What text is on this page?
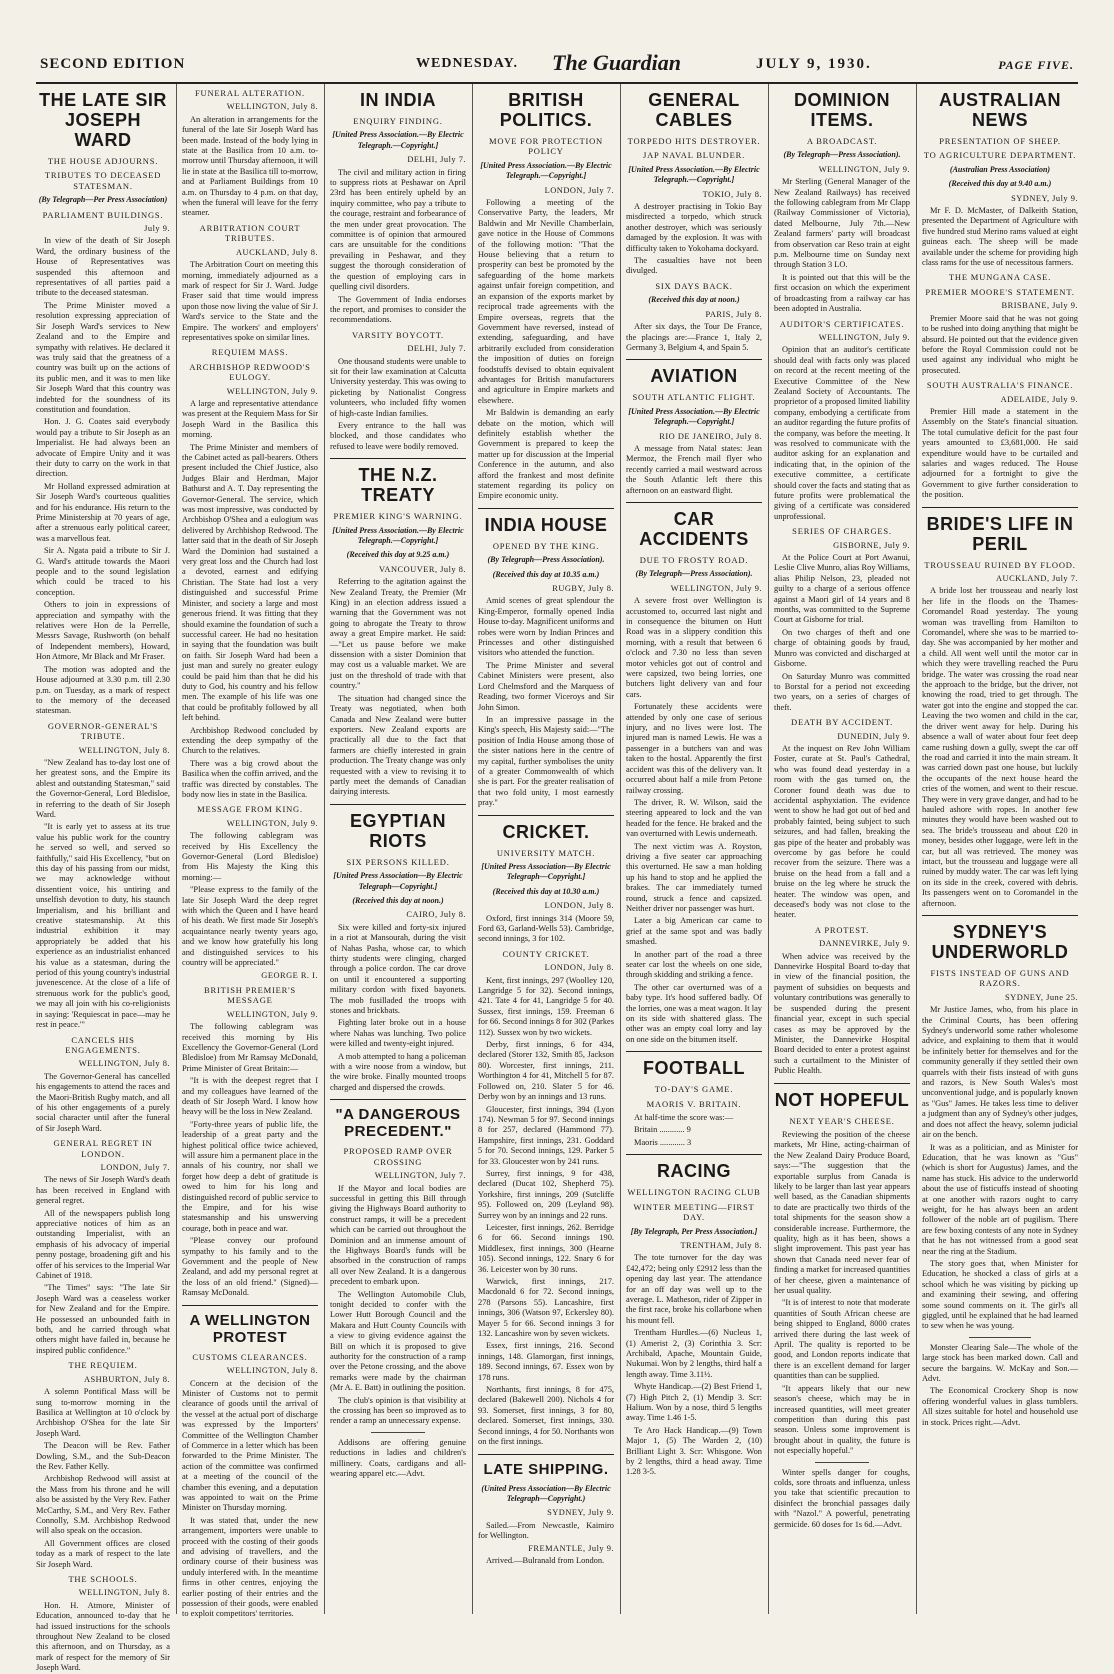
SECOND EDITION	WEDNESDAY. The Guardian	JULY 9, 1930.	PAGE FIVE.
THE LATE SIR JOSEPH WARD
THE HOUSE ADJOURNS.
TRIBUTES TO DECEASED STATESMAN.
(By Telegraph—Per Press Association)
PARLIAMENT BUILDINGS.
July 9.

In view of the death of Sir Joseph Ward, the ordinary business of the House of Representatives was suspended this afternoon and representatives of all parties paid a tribute to the deceased statesman.

The Prime Minister moved a resolution expressing appreciation of Sir Joseph Ward's services to New Zealand and to the Empire and sympathy with relatives. He declared it was truly said that the greatness of a country was built up on the actions of its public men, and it was to men like Sir Joseph Ward that this country was indebted for the soundness of its constitution and foundation.

Hon. J. G. Coates said everybody would pay a tribute to Sir Joseph as an Imperialist. He had always been an advocate of Empire Unity and it was their duty to carry on the work in that direction.

Mr Holland expressed admiration at Sir Joseph Ward's courteous qualities and for his endurance. His return to the Prime Ministership at 70 years of age, after a strenuous early political career, was a marvellous feat.

Sir A. Ngata paid a tribute to Sir J. G. Ward's attitude towards the Maori people and to the sound legislation which could be traced to his conception.

Others to join in expressions of appreciation and sympathy with the relatives were Hon de la Perrelle, Messrs Savage, Rushworth (on behalf of Independent members), Howard, Hon Atmore, Mr Black and Mr Fraser.

The motion was adopted and the House adjourned at 3.30 p.m. till 2.30 p.m. on Tuesday, as a mark of respect to the memory of the deceased statesman.

GOVERNOR-GENERAL'S TRIBUTE.
WELLINGTON, July 8.

"New Zealand has to-day lost one of her greatest sons, and the Empire its ablest and outstanding Statesman," said the Governor-General, Lord Bledisloe, in referring to the death of Sir Joseph Ward.

"It is early yet to assess at its true value his public work for the country he served so well, and served so faithfully," said His Excellency, "but on this day of his passing from our midst, we may acknowledge without dissentient voice, his untiring and unselfish devotion to duty, his staunch Imperialism, and his brilliant and creative statesmanship. At this industrial exhibition it may appropriately be added that his experience as an industrialist enhanced his value as a statesman, during the period of this young country's industrial juvenescence. At the close of a life of strenuous work for the public's good, we may all join with his co-religionists in saying: 'Requiescat in pace—may he rest in peace.'"

CANCELS HIS ENGAGEMENTS.
WELLINGTON, July 8.

The Governor-General has cancelled his engagements to attend the races and the Maori-British Rugby match, and all of his other engagements of a purely social character until after the funeral of Sir Joseph Ward.

GENERAL REGRET IN LONDON.
LONDON, July 7.

The news of Sir Joseph Ward's death has been received in England with general regret.

All of the newspapers publish long appreciative notices of him as an outstanding Imperialist, with an emphasis of his advocacy of imperial penny postage, broadening gift and his offer of his services to the Imperial War Cabinet of 1918.

"The Times" says: "The late Sir Joseph Ward was a ceaseless worker for New Zealand and for the Empire. He possessed an unbounded faith in both, and he carried through what others might have failed in, because he inspired public confidence."

THE REQUIEM.
ASHBURTON, July 8.

A solemn Pontifical Mass will be sung to-morrow morning in the Basilica at Wellington at 10 o'clock by Archbishop O'Shea for the late Sir Joseph Ward.

The Deacon will be Rev. Father Dowling, S.M., and the Sub-Deacon the Rev. Father Kelly.

Archbishop Redwood will assist at the Mass from his throne and he will also be assisted by the Very Rev. Father McCarthy, S.M., and Very Rev. Father Connolly, S.M. Archbishop Redwood will also speak on the occasion.

All Government offices are closed today as a mark of respect to the late Sir Joseph Ward.

THE SCHOOLS.
WELLINGTON, July 8.

Hon. H. Atmore, Minister of Education, announced to-day that he had issued instructions for the schools throughout New Zealand to be closed this afternoon, and on Thursday, as a mark of respect for the memory of Sir Joseph Ward.

FUNERAL ALTERATION.
WELLINGTON, July 8.

An alteration in arrangements for the funeral of the late Sir Joseph Ward has been made. Instead of the body lying in state at the Basilica from 10 a.m. to-morrow until Thursday afternoon, it will lie in state at the Basilica till to-morrow, and at Parliament Buildings from 10 a.m. on Thursday to 4 p.m. on that day, when the funeral will leave for the ferry steamer.

ARBITRATION COURT TRIBUTES.
AUCKLAND, July 8.

The Arbitration Court on meeting this morning, immediately adjourned as a mark of respect for Sir J. Ward. Judge Fraser said that time would impress upon those now living the value of Sir J. Ward's service to the State and the Empire. The workers' and employers' representatives spoke on similar lines.

REQUIEM MASS.
ARCHBISHOP REDWOOD'S EULOGY.
WELLINGTON, July 9.

A large and representative attendance was present at the Requiem Mass for Sir Joseph Ward in the Basilica this morning.

The Prime Minister and members of the Cabinet acted as pall-bearers. Others present included the Chief Justice, also Judges Blair and Herdman, Major Bathurst and A. T. Day representing the Governor-General. The service, which was most impressive, was conducted by Archbishop O'Shea and a eulogium was delivered by Archbishop Redwood. The latter said that in the death of Sir Joseph Ward the Dominion had sustained a very great loss and the Church had lost a devoted, earnest and edifying Christian. The State had lost a very distinguished and successful Prime Minister, and society a large and most generous friend. It was fitting that they should examine the foundation of such a successful career. He had no hesitation in saying that the foundation was built on faith. Sir Joseph Ward had been a just man and surely no greater eulogy could be paid him than that he did his duty to God, his country and his fellow men. The example of his life was one that could be profitably followed by all left behind.

Archbishop Redwood concluded by extending the deep sympathy of the Church to the relatives.

There was a big crowd about the Basilica when the coffin arrived, and the traffic was directed by constables. The body now lies in state in the Basilica.

MESSAGE FROM KING.
WELLINGTON, July 9.

The following cablegram was received by His Excellency the Governor-General (Lord Bledisloe) from His Majesty the King this morning:—

"Please express to the family of the late Sir Joseph Ward the deep regret with which the Queen and I have heard of his death. We first made Sir Joseph's acquaintance nearly twenty years ago, and we know how gratefully his long and distinguished services to his country will be appreciated."

GEORGE R. I.
BRITISH PREMIER'S MESSAGE
WELLINGTON, July 9.

The following cablegram was received this morning by His Excellency the Governor-General (Lord Bledisloe) from Mr Ramsay McDonald, Prime Minister of Great Britain:—

"It is with the deepest regret that I and my colleagues have learned of the death of Sir Joseph Ward. I know how heavy will be the loss in New Zealand.

"Forty-three years of public life, the leadership of a great party and the highest political office twice achieved, will assure him a permanent place in the annals of his country, nor shall we forget how deep a debt of gratitude is owed to him for his long and distinguished record of public service to the Empire, and for his wise statesmanship and his unswerving courage, both in peace and war.

"Please convey our profound sympathy to his family and to the Government and the people of New Zealand, and add my personal regret at the loss of an old friend." (Signed)—Ramsay McDonald.

A WELLINGTON PROTEST
CUSTOMS CLEARANCES.
WELLINGTON, July 8.

Concern at the decision of the Minister of Customs not to permit clearance of goods until the arrival of the vessel at the actual port of discharge was expressed by the Importers' Committee of the Wellington Chamber of Commerce in a letter which has been forwarded to the Prime Minister. The action of the committee was confirmed at a meeting of the council of the chamber this evening, and a deputation was appointed to wait on the Prime Minister on Thursday morning.

It was stated that, under the new arrangement, importers were unable to proceed with the costing of their goods and advising of travellers, and the ordinary course of their business was unduly interfered with. In the meantime firms in other centres, enjoying the earlier posting of their entries and the possession of their goods, were enabled to exploit competitors' territories.

IN INDIA
ENQUIRY FINDING.
[United Press Association.—By Electric Telegraph.—Copyright.]
DELHI, July 7.

The civil and military action in firing to suppress riots at Peshawar on April 23rd has been entirely upheld by an inquiry committee, who pay a tribute to the courage, restraint and forbearance of the men under great provocation. The committee is of opinion that armoured cars are unsuitable for the conditions prevailing in Peshawar, and they suggest the thorough consideration of the question of employing cars in quelling civil disorders.

The Government of India endorses the report, and promises to consider the recommendations.

VARSITY BOYCOTT.
DELHI, July 7.

One thousand students were unable to sit for their law examination at Calcutta University yesterday. This was owing to picketing by Nationalist Congress volunteers, who included fifty women of high-caste Indian families.

Every entrance to the hall was blocked, and those candidates who refused to leave were bodily removed.

THE N.Z. TREATY
PREMIER KING'S WARNING.
[United Press Association.—By Electric Telegraph.—Copyright.]
(Received this day at 9.25 a.m.)
VANCOUVER, July 8.

Referring to the agitation against the New Zealand Treaty, the Premier (Mr King) in an election address issued a warning that the Government was not going to abrogate the Treaty to throw away a great Empire market. He said:—"Let us pause before we make dissension with a sister Dominion that may cost us a valuable market. We are just on the threshold of trade with that country."

The situation had changed since the Treaty was negotiated, when both Canada and New Zealand were butter exporters. New Zealand exports are practically all due to the fact that farmers are chiefly interested in grain production. The Treaty change was only requested with a view to revising it to partly meet the demands of Canadian dairying interests.

EGYPTIAN RIOTS
SIX PERSONS KILLED.
[United Press Association—By Electric Telegraph—Copyright.]
(Received this day at noon.)
CAIRO, July 8.

Six were killed and forty-six injured in a riot at Mansourah, during the visit of Nahas Pasha, whose car, to which thirty students were clinging, charged through a police cordon. The car drove on until it encountered a supporting military cordon with fixed bayonets. The mob fusilladed the troops with stones and brickbats.

Fighting later broke out in a house where Nahas was lunching. Two police were killed and twenty-eight injured.

A mob attempted to hang a policeman with a wire noose from a window, but the wire broke. Finally mounted troops charged and dispersed the crowds.

"A DANGEROUS PRECEDENT."
PROPOSED RAMP OVER CROSSING
WELLINGTON, July 7.

If the Mayor and local bodies are successful in getting this Bill through giving the Highways Board authority to construct ramps, it will be a precedent which can be carried out throughout the Dominion and an immense amount of the Highways Board's funds will be absorbed in the construction of ramps all over New Zealand. It is a dangerous precedent to embark upon.

The Wellington Automobile Club, tonight decided to confer with the Lower Hutt Borough Council and the Makara and Hutt County Councils with a view to giving evidence against the Bill on which it is proposed to give authority for the construction of a ramp over the Petone crossing, and the above remarks were made by the chairman (Mr A. E. Batt) in outlining the position.

The club's opinion is that visibility at the crossing has been so improved as to render a ramp an unnecessary expense.

Addisons are offering genuine reductions in ladies and children's millinery. Coats, cardigans and all-wearing apparel etc.—Advt.

BRITISH POLITICS.
MOVE FOR PROTECTION POLICY
[United Press Association.—By Electric Telegraph.—Copyright.]
LONDON, July 7.

Following a meeting of the Conservative Party, the leaders, Mr Baldwin and Mr Neville Chamberlain, gave notice in the House of Commons of the following motion: "That the House believing that a return to prosperity can best be promoted by the safeguarding of the home markets against unfair foreign competition, and an expansion of the exports market by reciprocal trade agreements with the Empire overseas, regrets that the Government have reversed, instead of extending, safeguarding, and have arbitrarily excluded from consideration the imposition of duties on foreign foodstuffs devised to obtain equivalent advantages for British manufacturers and agriculture in Empire markets and elsewhere.

Mr Baldwin is demanding an early debate on the motion, which will definitely establish whether the Government is prepared to keep the matter up for discussion at the Imperial Conference in the autumn, and also afford the frankest and most definite statement regarding its policy on Empire economic unity.

INDIA HOUSE
OPENED BY THE KING.
(By Telegraph—Press Association).
(Received this day at 10.35 a.m.)
RUGBY, July 8.

Amid scenes of great splendour the King-Emperor, formally opened India House to-day. Magnificent uniforms and robes were worn by Indian Princes and Princesses and other distinguished visitors who attended the function.

The Prime Minister and several Cabinet Ministers were present, also Lord Chelmsford and the Marquess of Reading, two former Viceroys and Sir John Simon.

In an impressive passage in the King's speech, His Majesty said:—"The position of India House among those of the sister nations here in the centre of my capital, further symbolises the unity of a greater Commonwealth of which she is part. For the greater realisation of that two fold unity, I most earnestly pray."

CRICKET.
UNIVERSITY MATCH.
[United Press Association—By Electric Telegraph—Copyright.]
(Received this day at 10.30 a.m.)
LONDON, July 8.

Oxford, first innings 314 (Moore 59, Ford 63, Garland-Wells 53). Cambridge, second innings, 3 for 102.

COUNTY CRICKET.
LONDON, July 8.

Kent, first innings, 297 (Woolley 120, Langridge 5 for 32). Second innings, 421. Tate 4 for 41, Langridge 5 for 40. Sussex, first innings, 159. Freeman 6 for 66. Second innings 8 for 302 (Parkes 112). Sussex won by two wickets.

Derby, first innings, 6 for 434, declared (Storer 132, Smith 85, Jackson 80). Worcester, first innings, 211. Worthington 4 for 41, Mitchell 5 for 87. Followed on, 210. Slater 5 for 46. Derby won by an innings and 13 runs.

Gloucester, first innings, 394 (Lyon 174). Newman 5 for 97. Second innings 8 for 257, declared (Hammond 77). Hampshire, first innings, 231. Goddard 5 for 70. Second innings, 129. Parker 5 for 33. Gloucester won by 241 runs.

Surrey, first innings, 9 for 438, declared (Ducat 102, Shepherd 75). Yorkshire, first innings, 209 (Sutcliffe 95). Followed on, 209 (Leyland 98). Surrey won by an innings and 22 runs.

Leicester, first innings, 262. Berridge 6 for 66. Second innings 190. Middlesex, first innings, 300 (Hearne 105). Second innings, 122. Snary 6 for 36. Leicester won by 30 runs.

Warwick, first innings, 217. Macdonald 6 for 72. Second innings, 278 (Parsons 55). Lancashire, first innings, 306 (Watson 97, Eckersley 80). Mayer 5 for 66. Second innings 3 for 132. Lancashire won by seven wickets.

Essex, first innings, 216. Second innings, 148. Glamorgan, first innings, 189. Second innings, 67. Essex won by 178 runs.

Northants, first innings, 8 for 475, declared (Bakewell 200). Nichols 4 for 93. Somerset, first innings, 3 for 80, declared. Somerset, first innings, 330. Second innings, 4 for 50. Northants won on the first innings.

LATE SHIPPING.
(United Press Association—By Electric Telegraph—Copyright.)
SYDNEY, July 9.

Sailed.—From Newcastle, Kaimiro for Wellington.

FREMANTLE, July 9.

Arrived.—Bulranald from London.

GENERAL CABLES
TORPEDO HITS DESTROYER.
JAP NAVAL BLUNDER.
[United Press Association.—By Electric Telegraph.—Copyright.]
TOKIO, July 8.

A destroyer practising in Tokio Bay misdirected a torpedo, which struck another destroyer, which was seriously damaged by the explosion. It was with difficulty taken to Yokohama dockyard.

The casualties have not been divulged.

SIX DAYS BACK.
(Received this day at noon.)
PARIS, July 8.

After six days, the Tour De France, the placings are:—France 1, Italy 2, Germany 3, Belgium 4, and Spain 5.

AVIATION
SOUTH ATLANTIC FLIGHT.
[United Press Association.—By Electric Telegraph.—Copyright.]
RIO DE JANEIRO, July 8.

A message from Natal states: Jean Mermoz, the French mail flyer who recently carried a mail westward across the South Atlantic left there this afternoon on an eastward flight.

CAR ACCIDENTS
DUE TO FROSTY ROAD.
(By Telegraph—Press Association).
WELLINGTON, July 9.

A severe frost over Wellington is accustomed to, occurred last night and in consequence the bitumen on Hutt Road was in a slippery condition this morning, with a result that between 6 o'clock and 7.30 no less than seven motor vehicles got out of control and were capsized, two being lorries, one butchers light delivery van and four cars.

Fortunately these accidents were attended by only one case of serious injury, and no lives were lost. The injured man is named Lewis. He was a passenger in a butchers van and was taken to the hostal. Apparently the first accident was this of the delivery van. It occurred about half a mile from Petone railway crossing.

The driver, R. W. Wilson, said the steering appeared to lock and the van headed for the fence. He braked and the van overturned with Lewis underneath.

The next victim was A. Royston, driving a five seater car approaching this overturned. He saw a man holding up his hand to stop and he applied the brakes. The car immediately turned round, struck a fence and capsized. Neither driver nor passenger was hurt.

Later a big American car came to grief at the same spot and was badly smashed.

In another part of the road a three seater car lost the wheels on one side, through skidding and striking a fence.

The other car overturned was of a baby type. It's hood suffered badly. Of the lorries, one was a meat wagon. It lay on its side with shattered glass. The other was an empty coal lorry and lay on one side on the bitumen itself.

FOOTBALL
TO-DAY'S GAME.
MAORIS V. BRITAIN.

At half-time the score was:—

Britain ............ 9

Maoris ............ 3

RACING
WELLINGTON RACING CLUB
WINTER MEETING—FIRST DAY.
[By Telegraph, Per Press Association.]
TRENTHAM, July 8.

The tote turnover for the day was £42,472; being only £2912 less than the opening day last year. The attendance for an off day was well up to the average. L. Matheson, rider of Zipper in the first race, broke his collarbone when his mount fell.

Trentham Hurdles.—(6) Nucleus 1, (1) Amerist 2, (3) Corinthia 3. Scr: Archibald, Apache, Mountain Guide, Nukumai. Won by 2 lengths, third half a length away. Time 3.11½.

Whyte Handicap.—(2) Best Friend 1, (7) High Pitch 2, (1) Mendip 3. Scr: Halium. Won by a nose, third 5 lengths away. Time 1.46 1-5.

Te Aro Hack Handicap.—(9) Town Major 1, (5) The Warden 2, (10) Brilliant Light 3. Scr: Whisgone. Won by 2 lengths, third a head away. Time 1.28 3-5.

DOMINION ITEMS.
A BROADCAST.
(By Telegraph—Press Association).
WELLINGTON, July 9.

Mr Sterling (General Manager of the New Zealand Railways) has received the following cablegram from Mr Clapp (Railway Commissioner of Victoria), dated Melbourne, July 7th.—New Zealand farmers' party will broadcast from observation car Reso train at eight p.m. Melbourne time on Sunday next through Station 3 LO.

It is pointed out that this will be the first occasion on which the experiment of broadcasting from a railway car has been adopted in Australia.

AUDITOR'S CERTIFICATES.
WELLINGTON, July 9.

Opinion that an auditor's certificate should deal with facts only was placed on record at the recent meeting of the Executive Committee of the New Zealand Society of Accountants. The proprietor of a proposed limited liability company, embodying a certificate from an auditor regarding the future profits of the company, was before the meeting. It was resolved to communicate with the auditor asking for an explanation and indicating that, in the opinion of the executive committee, a certificate should cover the facts and stating that as future profits were problematical the giving of a certificate was considered unprofessional.

SERIES OF CHARGES.
GISBORNE, July 9.

At the Police Court at Port Awanui, Leslie Clive Munro, alias Roy Williams, alias Philip Nelson, 23, pleaded not guilty to a charge of a serious offence against a Maori girl of 14 years and 8 months, was committed to the Supreme Court at Gisborne for trial.

On two charges of theft and one charge of obtaining goods by fraud, Munro was convicted and discharged at Gisborne.

On Saturday Munro was committed to Borstal for a period not exceeding two years, on a series of charges of theft.

DEATH BY ACCIDENT.
DUNEDIN, July 9.

At the inquest on Rev John William Foster, curate at St. Paul's Cathedral, who was found dead yesterday in a room with the gas turned on, the Coroner found death was due to accidental asphyxiation. The evidence went to show he had got out of bed and probably fainted, being subject to such seizures, and had fallen, breaking the gas pipe of the heater and probably was overcome by gas before he could recover from the seizure. There was a bruise on the head from a fall and a bruise on the leg where he struck the heater. The window was open, and deceased's body was not close to the heater.

A PROTEST.
DANNEVIRKE, July 9.

When advice was received by the Dannevirke Hospital Board to-day that in view of the financial position, the payment of subsidies on bequests and voluntary contributions was generally to be suspended during the present financial year, except in such special cases as may be approved by the Minister, the Dannevirke Hospital Board decided to enter a protest against such a curtailment to the Minister of Public Health.

NOT HOPEFUL
NEXT YEAR'S CHEESE.

Reviewing the position of the cheese markets, Mr Hine, acting-chairman of the New Zealand Dairy Produce Board, says:—"The suggestion that the exportable surplus from Canada is likely to be larger than last year appears well based, as the Canadian shipments to date are practically two thirds of the total shipments for the season show a considerable increase. Furthermore, the quality, high as it has been, shows a slight improvement. This past year has shown that Canada need never fear of finding a market for increased quantities of her cheese, given a maintenance of her usual quality.

"It is of interest to note that moderate quantities of South African cheese are being shipped to England, 8000 crates arrived there during the last week of April. The quality is reported to be good, and London reports indicate that there is an excellent demand for larger quantities than can be supplied.

"It appears likely that our new season's cheese, which may be in increased quantities, will meet greater competition than during this past season. Unless some improvement is brought about in quality, the future is not especially hopeful."

Winter spells danger for coughs, colds, sore throats and influenza, unless you take that scientific precaution to disinfect the bronchial passages daily with "Nazol." A powerful, penetrating germicide. 60 doses for 1s 6d.—Advt.

AUSTRALIAN NEWS
PRESENTATION OF SHEEP.
TO AGRICULTURE DEPARTMENT.
(Australian Press Association)
(Received this day at 9.40 a.m.)
SYDNEY, July 9.

Mr F. D. McMaster, of Dalkeith Station, presented the Department of Agriculture with five hundred stud Merino rams valued at eight guineas each. The sheep will be made available under the scheme for providing high class rams for the use of necessitous farmers.

THE MUNGANA CASE.
PREMIER MOORE'S STATEMENT.
BRISBANE, July 9.

Premier Moore said that he was not going to be rushed into doing anything that might be absurd. He pointed out that the evidence given before the Royal Commission could not be used against any individual who might be prosecuted.

SOUTH AUSTRALIA'S FINANCE.
ADELAIDE, July 9.

Premier Hill made a statement in the Assembly on the State's financial situation. The total cumulative deficit for the past four years amounted to £3,681,000. He said expenditure would have to be curtailed and salaries and wages reduced. The House adjourned for a fortnight to give the Government to give further consideration to the position.

BRIDE'S LIFE IN PERIL
TROUSSEAU RUINED BY FLOOD.
AUCKLAND, July 7.

A bride lost her trousseau and nearly lost her life in the floods on the Thames-Coromandel Road yesterday. The young woman was travelling from Hamilton to Coromandel, where she was to be married to-day. She was accompanied by her mother and a child. All went well until the motor car in which they were travelling reached the Puru bridge. The water was crossing the road near the approach to the bridge, but the driver, not knowing the road, tried to get through. The water got into the engine and stopped the car. Leaving the two women and child in the car, the driver went away for help. During his absence a wall of water about four feet deep came rushing down a gully, swept the car off the road and carried it into the main stream. It was carried down past one house, but luckily the occupants of the next house heard the cries of the women, and went to their rescue. They were in very grave danger, and had to be hauled ashore with ropes. In another few minutes they would have been washed out to sea. The bride's trousseau and about £20 in money, besides other luggage, were left in the car, but all was retrieved. The money was intact, but the trousseau and luggage were all ruined by muddy water. The car was left lying on its side in the creek, covered with debris. Its passengers went on to Coromandel in the afternoon.

SYDNEY'S UNDERWORLD
FISTS INSTEAD OF GUNS AND RAZORS.
SYDNEY, June 25.

Mr Justice James, who, from his place in the Criminal Courts, has been offering Sydney's underworld some rather wholesome advice, and explaining to them that it would be infinitely better for themselves and for the community generally if they settled their own quarrels with their fists instead of with guns and razors, is New South Wales's most unconventional judge, and is popularly known as "Gus" James. He takes less time to deliver a judgment than any of Sydney's other judges, and does not affect the heavy, solemn judicial air on the bench.

It was as a politician, and as Minister for Education, that he was known as "Gus" (which is short for Augustus) James, and the name has stuck. His advice to the underworld about the use of fisticuffs instead of shooting at one another with razors ought to carry weight, for he has always been an ardent follower of the noble art of pugilism. There are few boxing contests of any note in Sydney that he has not witnessed from a good seat near the ring at the Stadium.

The story goes that, when Minister for Education, he shocked a class of girls at a school which he was visiting by picking up and examining their sewing, and offering some sound comments on it. The girl's all giggled, until he explained that he had learned to sew when he was young.

Monster Clearing Sale—The whole of the large stock has been marked down. Call and secure the bargains. W. McKay and Son.—Advt.

The Economical Crockery Shop is now offering wonderful values in glass tumblers. All sizes suitable for hotel and household use in stock. Prices right.—Advt.
